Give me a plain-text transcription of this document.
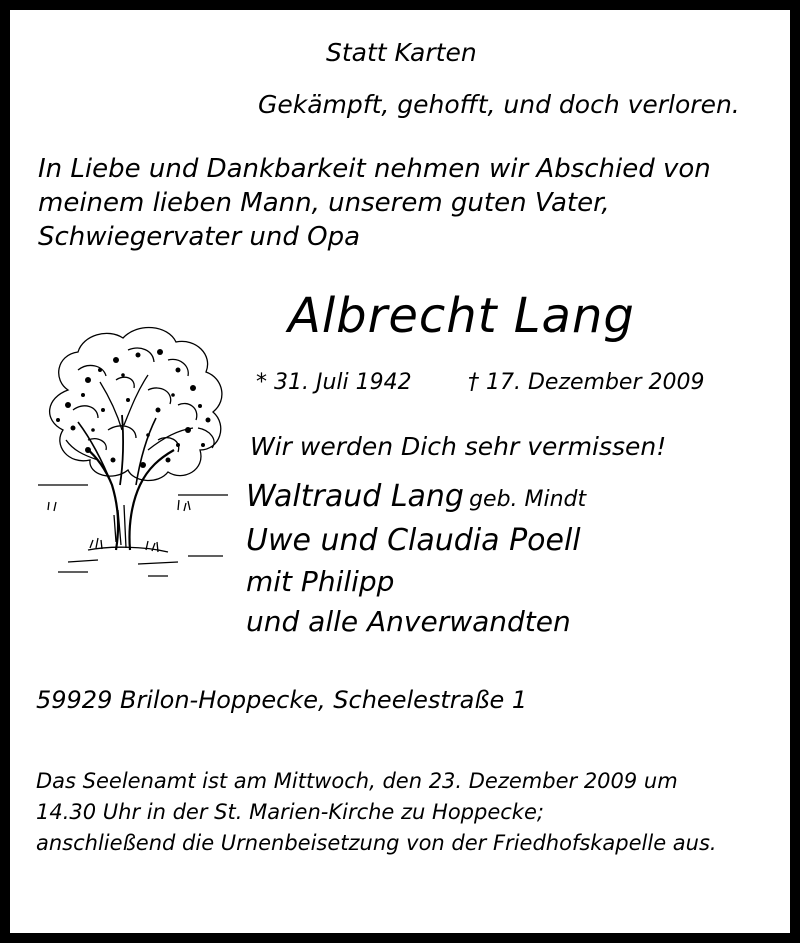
Statt Karten
Gekämpft, gehofft, und doch verloren.
In Liebe und Dankbarkeit nehmen wir Abschied von
meinem lieben Mann, unserem guten Vater,
Schwiegervater und Opa
Albrecht Lang
* 31. Juli 1942	† 17. Dezember 2009
Wir werden Dich sehr vermissen!
Waltraud Lang geb. Mindt
Uwe und Claudia Poell
mit Philipp
und alle Anverwandten
59929 Brilon-Hoppecke, Scheelestraße 1
Das Seelenamt ist am Mittwoch, den 23. Dezember 2009 um
14.30 Uhr in der St. Marien-Kirche zu Hoppecke;
anschließend die Urnenbeisetzung von der Friedhofskapelle aus.
